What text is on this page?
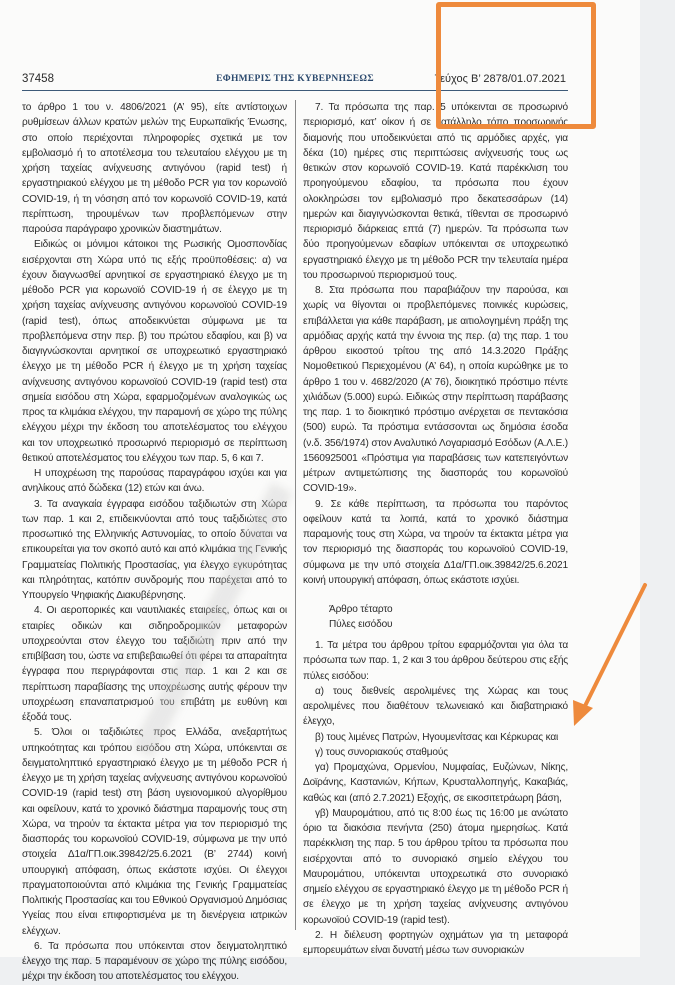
37458	ΕΦΗΜΕΡΙΣ ΤΗΣ ΚΥΒΕΡΝΗΣΕΩΣ	Τεύχος Β’ 2878/01.07.2021

το άρθρο 1 του ν. 4806/2021 (Α’ 95), είτε αντίστοιχων ρυθμίσεων άλλων κρατών μελών της Ευρωπαϊκής Ένωσης, στο οποίο περιέχονται πληροφορίες σχετικά με τον εμβολιασμό ή το αποτέλεσμα του τελευταίου ελέγχου με τη χρήση ταχείας ανίχνευσης αντιγόνου (rapid test) ή εργαστηριακού ελέγχου με τη μέθοδο PCR για τον κορωνοϊό COVID-19, ή τη νόσηση από τον κορωνοϊό COVID-19, κατά περίπτωση, τηρουμένων των προβλεπόμενων στην παρούσα παράγραφο χρονικών διαστημάτων.

Ειδικώς οι μόνιμοι κάτοικοι της Ρωσικής Ομοσπονδίας εισέρχονται στη Χώρα υπό τις εξής προϋποθέσεις: α) να έχουν διαγνωσθεί αρνητικοί σε εργαστηριακό έλεγχο με τη μέθοδο PCR για κορωνοϊό COVID-19 ή σε έλεγχο με τη χρήση ταχείας ανίχνευσης αντιγόνου κορωνοϊού COVID-19 (rapid test), όπως αποδεικνύεται σύμφωνα με τα προβλεπόμενα στην περ. β) του πρώτου εδαφίου, και β) να διαγιγνώσκονται αρνητικοί σε υποχρεωτικό εργαστηριακό έλεγχο με τη μέθοδο PCR ή έλεγχο με τη χρήση ταχείας ανίχνευσης αντιγόνου κορωνοϊού COVID-19 (rapid test) στα σημεία εισόδου στη Χώρα, εφαρμοζομένων αναλογικώς ως προς τα κλιμάκια ελέγχου, την παραμονή σε χώρο της πύλης ελέγχου μέχρι την έκδοση του αποτελέσματος του ελέγχου και τον υποχρεωτικό προσωρινό περιορισμό σε περίπτωση θετικού αποτελέσματος του ελέγχου των παρ. 5, 6 και 7.

Η υποχρέωση της παρούσας παραγράφου ισχύει και για ανηλίκους από δώδεκα (12) ετών και άνω.

3. Τα αναγκαία έγγραφα εισόδου ταξιδιωτών στη Χώρα των παρ. 1 και 2, επιδεικνύονται από τους ταξιδιώτες στο προσωπικό της Ελληνικής Αστυνομίας, το οποίο δύναται να επικουρείται για τον σκοπό αυτό και από κλιμάκια της Γενικής Γραμματείας Πολιτικής Προστασίας, για έλεγχο εγκυρότητας και πληρότητας, κατόπιν συνδρομής που παρέχεται από το Υπουργείο Ψηφιακής Διακυβέρνησης.

4. Οι αεροπορικές και ναυτιλιακές εταιρείες, όπως και οι εταιρίες οδικών και σιδηροδρομικών μεταφορών υποχρεούνται στον έλεγχο του ταξιδιώτη πριν από την επιβίβαση του, ώστε να επιβεβαιωθεί ότι φέρει τα απαραίτητα έγγραφα που περιγράφονται στις παρ. 1 και 2 και σε περίπτωση παραβίασης της υποχρέωσης αυτής φέρουν την υποχρέωση επαναπατρισμού του επιβάτη με ευθύνη και έξοδά τους.

5. Όλοι οι ταξιδιώτες προς Ελλάδα, ανεξαρτήτως υπηκοότητας και τρόπου εισόδου στη Χώρα, υπόκεινται σε δειγματοληπτικό εργαστηριακό έλεγχο με τη μέθοδο PCR ή έλεγχο με τη χρήση ταχείας ανίχνευσης αντιγόνου κορωνοϊού COVID-19 (rapid test) στη βάση υγειονομικού αλγορίθμου και οφείλουν, κατά το χρονικό διάστημα παραμονής τους στη Χώρα, να τηρούν τα έκτακτα μέτρα για τον περιορισμό της διασποράς του κορωνοϊού COVID-19, σύμφωνα με την υπό στοιχεία Δ1α/ΓΠ.οικ.39842/25.6.2021 (Β’ 2744) κοινή υπουργική απόφαση, όπως εκάστοτε ισχύει. Οι έλεγχοι πραγματοποιούνται από κλιμάκια της Γενικής Γραμματείας Πολιτικής Προστασίας και του Εθνικού Οργανισμού Δημόσιας Υγείας που είναι επιφορτισμένα με τη διενέργεια ιατρικών ελέγχων.

6. Τα πρόσωπα που υπόκεινται στον δειγματοληπτικό έλεγχο της παρ. 5 παραμένουν σε χώρο της πύλης εισόδου, μέχρι την έκδοση του αποτελέσματος του ελέγχου.

7. Τα πρόσωπα της παρ. 5 υπόκεινται σε προσωρινό περιορισμό, κατ’ οίκον ή σε κατάλληλο τόπο προσωρινής διαμονής που υποδεικνύεται από τις αρμόδιες αρχές, για δέκα (10) ημέρες στις περιπτώσεις ανίχνευσής τους ως θετικών στον κορωνοϊό COVID-19. Κατά παρέκκλιση του προηγούμενου εδαφίου, τα πρόσωπα που έχουν ολοκληρώσει τον εμβολιασμό προ δεκατεσσάρων (14) ημερών και διαγιγνώσκονται θετικά, τίθενται σε προσωρινό περιορισμό διάρκειας επτά (7) ημερών. Τα πρόσωπα των δύο προηγούμενων εδαφίων υπόκεινται σε υποχρεωτικό εργαστηριακό έλεγχο με τη μέθοδο PCR την τελευταία ημέρα του προσωρινού περιορισμού τους.

8. Στα πρόσωπα που παραβιάζουν την παρούσα, και χωρίς να θίγονται οι προβλεπόμενες ποινικές κυρώσεις, επιβάλλεται για κάθε παράβαση, με αιτιολογημένη πράξη της αρμόδιας αρχής κατά την έννοια της περ. (α) της παρ. 1 του άρθρου εικοστού τρίτου της από 14.3.2020 Πράξης Νομοθετικού Περιεχομένου (Α’ 64), η οποία κυρώθηκε με το άρθρο 1 του ν. 4682/2020 (Α’ 76), διοικητικό πρόστιμο πέντε χιλιάδων (5.000) ευρώ. Ειδικώς στην περίπτωση παράβασης της παρ. 1 το διοικητικό πρόστιμο ανέρχεται σε πεντακόσια (500) ευρώ. Τα πρόστιμα εντάσσονται ως δημόσια έσοδα (ν.δ. 356/1974) στον Αναλυτικό Λογαριασμό Εσόδων (Α.Λ.Ε.) 1560925001 «Πρόστιμα για παραβάσεις των κατεπειγόντων μέτρων αντιμετώπισης της διασποράς του κορωνοϊού COVID-19».

9. Σε κάθε περίπτωση, τα πρόσωπα του παρόντος οφείλουν κατά τα λοιπά, κατά το χρονικό διάστημα παραμονής τους στη Χώρα, να τηρούν τα έκτακτα μέτρα για τον περιορισμό της διασποράς του κορωνοϊού COVID-19, σύμφωνα με την υπό στοιχεία Δ1α/ΓΠ.οικ.39842/25.6.2021 κοινή υπουργική απόφαση, όπως εκάστοτε ισχύει.

Άρθρο τέταρτο
Πύλες εισόδου

1. Τα μέτρα του άρθρου τρίτου εφαρμόζονται για όλα τα πρόσωπα των παρ. 1, 2 και 3 του άρθρου δεύτερου στις εξής πύλες εισόδου:

α) τους διεθνείς αερολιμένες της Χώρας και τους αερολιμένες που διαθέτουν τελωνειακό και διαβατηριακό έλεγχο,

β) τους λιμένες Πατρών, Ηγουμενίτσας και Κέρκυρας και

γ) τους συνοριακούς σταθμούς

γα) Προμαχώνα, Ορμενίου, Νυμφαίας, Ευζώνων, Νίκης, Δοϊράνης, Καστανιών, Κήπων, Κρυσταλλοπηγής, Κακαβιάς, καθώς και (από 2.7.2021) Εξοχής, σε εικοσιτετράωρη βάση,

γβ) Μαυρομάτιου, από τις 8:00 έως τις 16:00 με ανώτατο όριο τα διακόσια πενήντα (250) άτομα ημερησίως. Κατά παρέκκλιση της παρ. 5 του άρθρου τρίτου τα πρόσωπα που εισέρχονται από το συνοριακό σημείο ελέγχου του Μαυρομάτιου, υπόκεινται υποχρεωτικά στο συνοριακό σημείο ελέγχου σε εργαστηριακό έλεγχο με τη μέθοδο PCR ή σε έλεγχο με τη χρήση ταχείας ανίχνευσης αντιγόνου κορωνοϊού COVID-19 (rapid test).

2. Η διέλευση φορτηγών οχημάτων για τη μεταφορά εμπορευμάτων είναι δυνατή μέσω των συνοριακών
